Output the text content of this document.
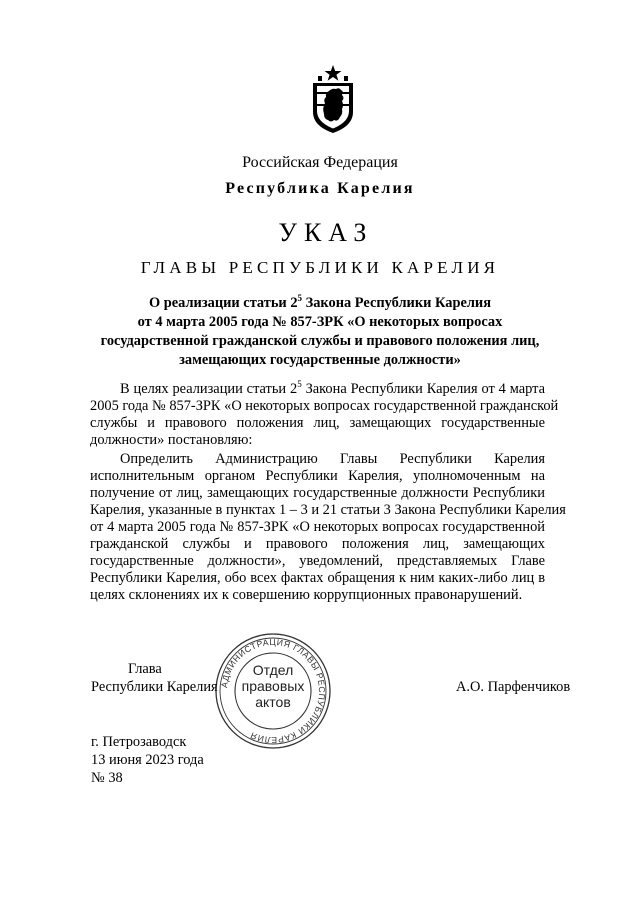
Российская Федерация
Республика Карелия
УКАЗ
ГЛАВЫ РЕСПУБЛИКИ КАРЕЛИЯ
О реализации статьи $2^5$ Закона Республики Карелия
от 4 марта 2005 года № 857-ЗРК «О некоторых вопросах
государственной гражданской службы и правового положения лиц,
замещающих государственные должности»
В целях реализации статьи $2^5$ Закона Республики Карелия от 4 марта
2005 года № 857-ЗРК «О некоторых вопросах государственной гражданской
службы и правового положения лиц, замещающих государственные
должности» постановляю:
Определить Администрацию Главы Республики Карелия
исполнительным органом Республики Карелия, уполномоченным на
получение от лиц, замещающих государственные должности Республики
Карелия, указанные в пунктах 1 – 3 и 21 статьи 3 Закона Республики Карелия
от 4 марта 2005 года № 857-ЗРК «О некоторых вопросах государственной
гражданской службы и правового положения лиц, замещающих
государственные должности», уведомлений, представляемых Главе
Республики Карелия, обо всех фактах обращения к ним каких-либо лиц в
целях склонениях их к совершению коррупционных правонарушений.
АДМИНИСТРАЦИЯ ГЛАВЫ РЕСПУБЛИКИ КАРЕЛИЯ
Отдел
правовых
актов
Глава
Республики Карелия	А.О. Парфенчиков
г. Петрозаводск
13 июня 2023 года
№ 38
